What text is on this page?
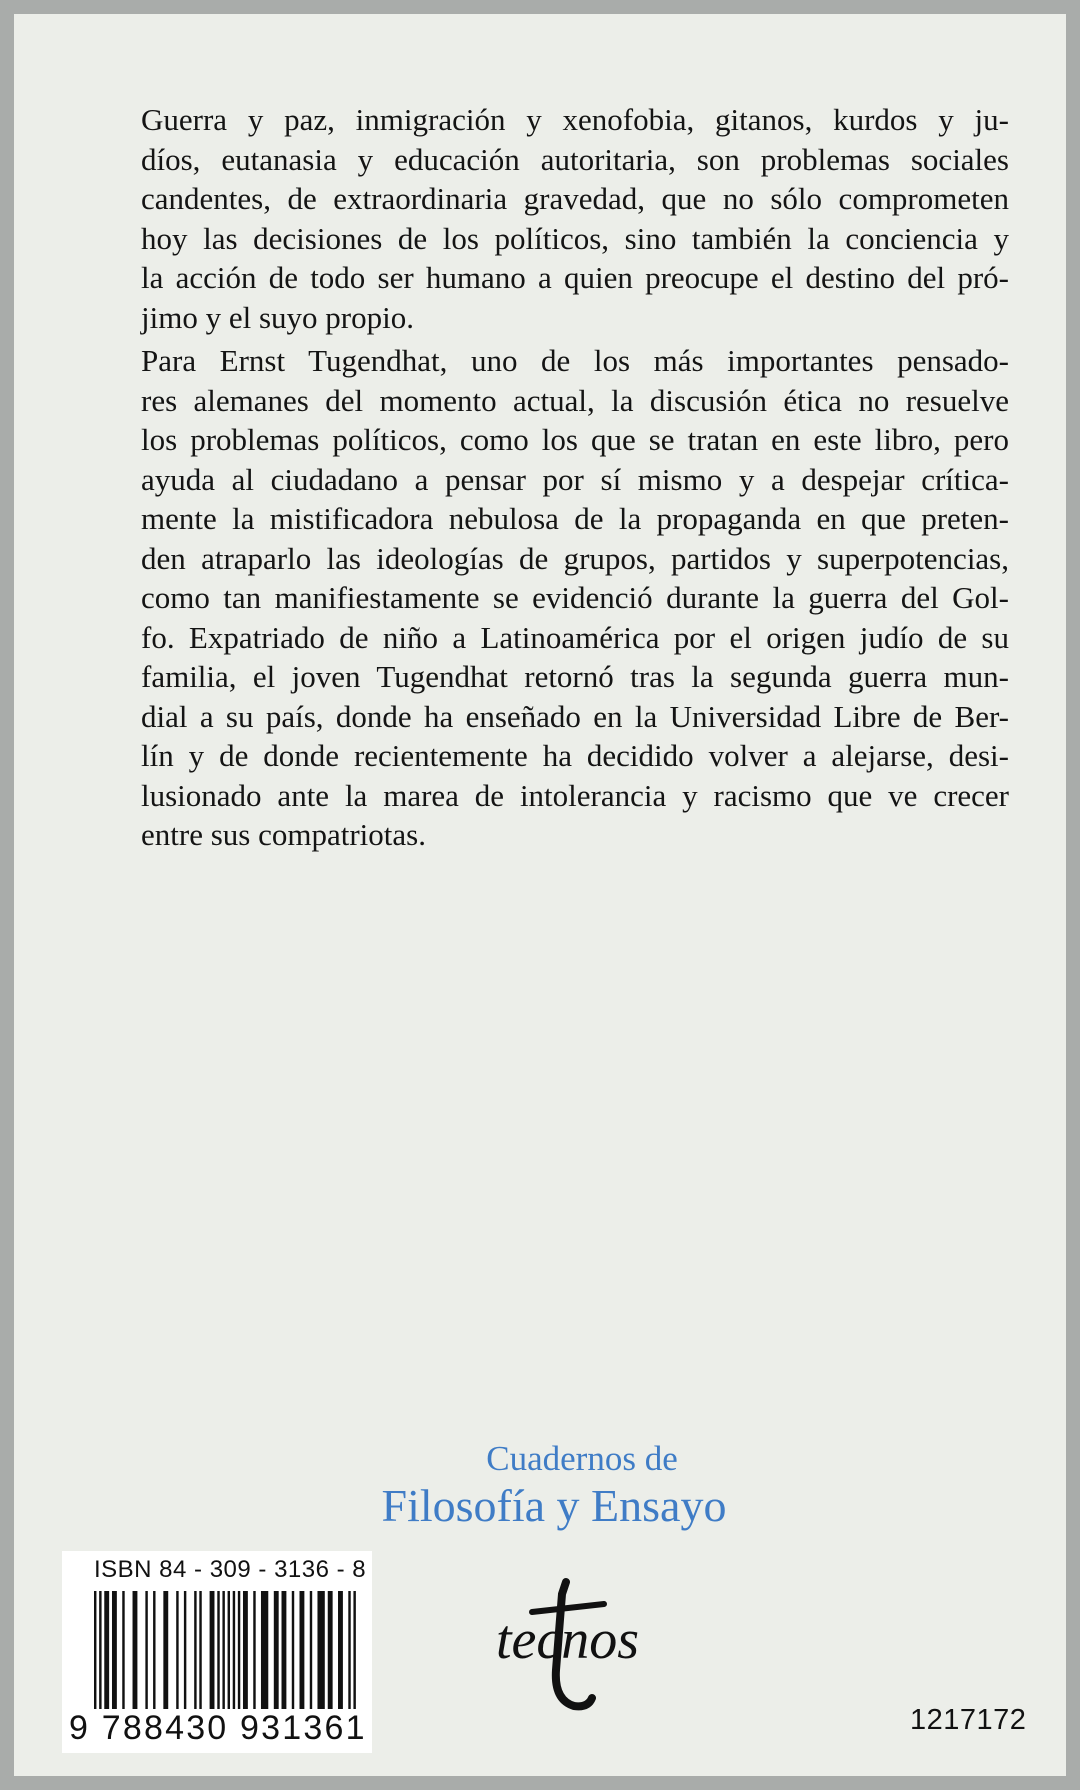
Guerra y paz, inmigración y xenofobia, gitanos, kurdos y ju-
díos, eutanasia y educación autoritaria, son problemas sociales
candentes, de extraordinaria gravedad, que no sólo comprometen
hoy las decisiones de los políticos, sino también la conciencia y
la acción de todo ser humano a quien preocupe el destino del pró-
jimo y el suyo propio.

Para Ernst Tugendhat, uno de los más importantes pensado-
res alemanes del momento actual, la discusión ética no resuelve
los problemas políticos, como los que se tratan en este libro, pero
ayuda al ciudadano a pensar por sí mismo y a despejar crítica-
mente la mistificadora nebulosa de la propaganda en que preten-
den atraparlo las ideologías de grupos, partidos y superpotencias,
como tan manifiestamente se evidenció durante la guerra del Gol-
fo. Expatriado de niño a Latinoamérica por el origen judío de su
familia, el joven Tugendhat retornó tras la segunda guerra mun-
dial a su país, donde ha enseñado en la Universidad Libre de Ber-
lín y de donde recientemente ha decidido volver a alejarse, desi-
lusionado ante la marea de intolerancia y racismo que ve crecer
entre sus compatriotas.

Cuadernos de
Filosofía y Ensayo
ISBN 84 - 309 - 3136 - 8
9 788430 931361
tecnos
1217172
